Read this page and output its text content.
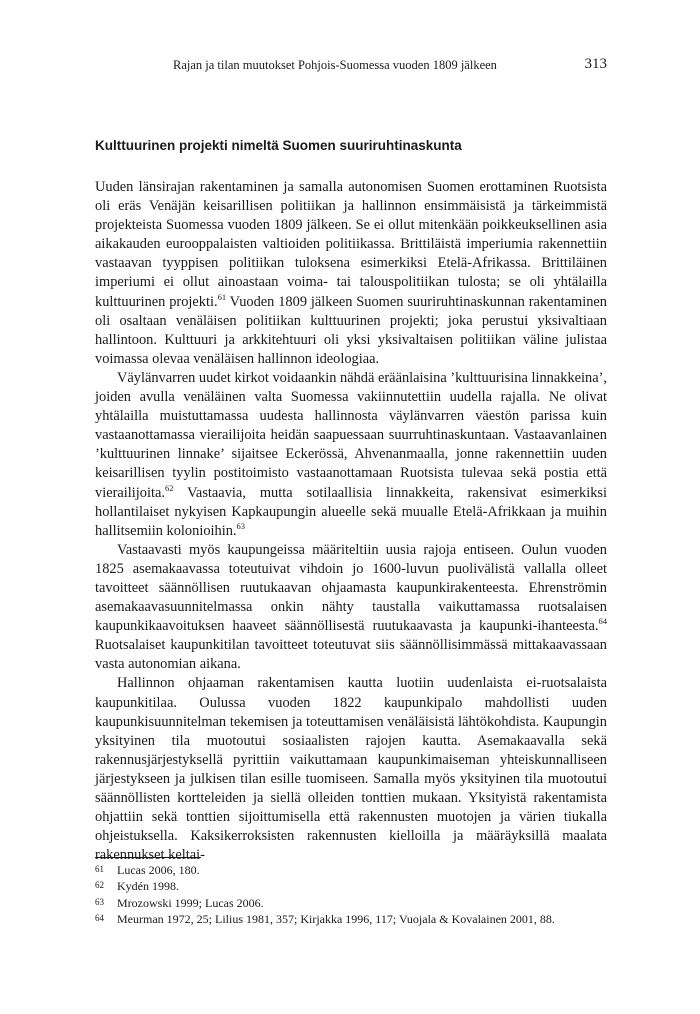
Rajan ja tilan muutokset Pohjois-Suomessa vuoden 1809 jälkeen	313
Kulttuurinen projekti nimeltä Suomen suuriruhtinaskunta

Uuden länsirajan rakentaminen ja samalla autonomisen Suomen erottaminen Ruotsista oli eräs Venäjän keisarillisen politiikan ja hallinnon ensimmäisistä ja tärkeimmistä projekteista Suomessa vuoden 1809 jälkeen. Se ei ollut mitenkään poikkeuksellinen asia aikakauden eurooppalaisten valtioiden politiikassa. Brittiläistä imperiumia rakennettiin vastaavan tyyppisen politiikan tuloksena esimerkiksi Etelä-Afrikassa. Brittiläinen imperiumi ei ollut ainoastaan voima- tai talouspolitiikan tulosta; se oli yhtälailla kulttuurinen projekti.$^{61}$ Vuoden 1809 jälkeen Suomen suuriruhtinaskunnan rakentaminen oli osaltaan venäläisen politiikan kulttuurinen projekti; joka perustui yksivaltiaan hallintoon. Kulttuuri ja arkkitehtuuri oli yksi yksivaltaisen politiikan väline julistaa voimassa olevaa venäläisen hallinnon ideologiaa.

Väylänvarren uudet kirkot voidaankin nähdä eräänlaisina ’kulttuurisina linnakkeina’, joiden avulla venäläinen valta Suomessa vakiinnutettiin uudella rajalla. Ne olivat yhtälailla muistuttamassa uudesta hallinnosta väylänvarren väestön parissa kuin vastaanottamassa vierailijoita heidän saapuessaan suurruhtinaskuntaan. Vastaavanlainen ’kulttuurinen linnake’ sijaitsee Eckerössä, Ahvenanmaalla, jonne rakennettiin uuden keisarillisen tyylin postitoimisto vastaanottamaan Ruotsista tulevaa sekä postia että vierailijoita.$^{62}$ Vastaavia, mutta sotilaallisia linnakkeita, rakensivat esimerkiksi hollantilaiset nykyisen Kapkaupungin alueelle sekä muualle Etelä-Afrikkaan ja muihin hallitsemiin kolonioihin.$^{63}$

Vastaavasti myös kaupungeissa määriteltiin uusia rajoja entiseen. Oulun vuoden 1825 asemakaavassa toteutuivat vihdoin jo 1600-luvun puolivälistä vallalla olleet tavoitteet säännöllisen ruutukaavan ohjaamasta kaupunkirakenteesta. Ehrenströmin asemakaavasuunnitelmassa onkin nähty taustalla vaikuttamassa ruotsalaisen kaupunkikaavoituksen haaveet säännöllisestä ruutukaavasta ja kaupunki-ihanteesta.$^{64}$ Ruotsalaiset kaupunkitilan tavoitteet toteutuvat siis säännöllisimmässä mittakaavassaan vasta autonomian aikana.

Hallinnon ohjaaman rakentamisen kautta luotiin uudenlaista ei-ruotsalaista kaupunkitilaa. Oulussa vuoden 1822 kaupunkipalo mahdollisti uuden kaupunkisuunnitelman tekemisen ja toteuttamisen venäläisistä lähtökohdista. Kaupungin yksityinen tila muotoutui sosiaalisten rajojen kautta. Asemakaavalla sekä rakennusjärjestyksellä pyrittiin vaikuttamaan kaupunkimaiseman yhteiskunnalliseen järjestykseen ja julkisen tilan esille tuomiseen. Samalla myös yksityinen tila muotoutui säännöllisten kortteleiden ja siellä olleiden tonttien mukaan. Yksityistä rakentamista ohjattiin sekä tonttien sijoittumisella että rakennusten muotojen ja värien tiukalla ohjeistuksella. Kaksikerroksisten rakennusten kielloilla ja määräyksillä maalata rakennukset keltai-

61	Lucas 2006, 180.
62	Kydén 1998.
63	Mrozowski 1999; Lucas 2006.
64	Meurman 1972, 25; Lilius 1981, 357; Kirjakka 1996, 117; Vuojala & Kovalainen 2001, 88.
